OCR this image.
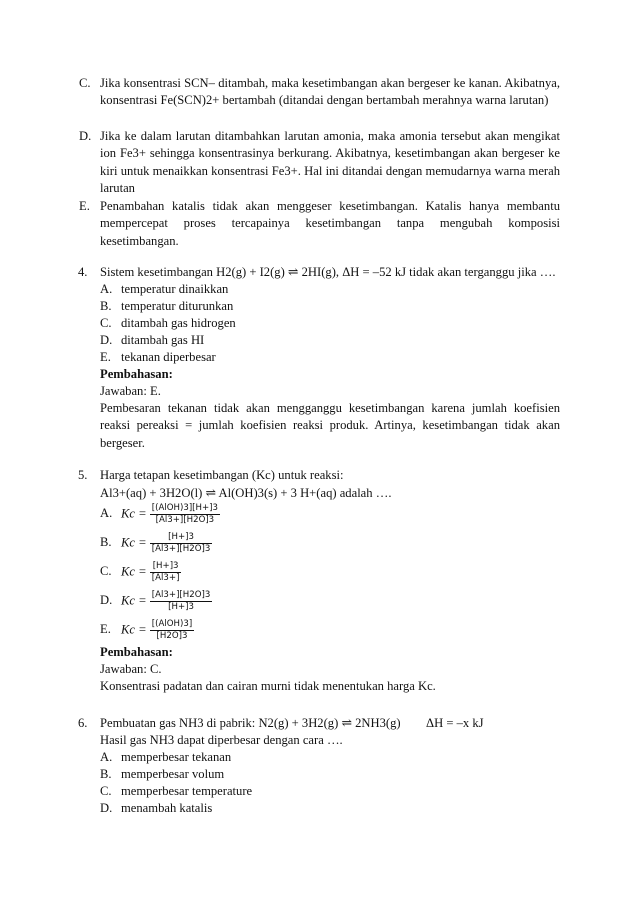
C. Jika konsentrasi SCN– ditambah, maka kesetimbangan akan bergeser ke kanan. Akibatnya, konsentrasi Fe(SCN)2+ bertambah (ditandai dengan bertambah merahnya warna larutan)
D. Jika ke dalam larutan ditambahkan larutan amonia, maka amonia tersebut akan mengikat ion Fe3+ sehingga konsentrasinya berkurang. Akibatnya, kesetimbangan akan bergeser ke kiri untuk menaikkan konsentrasi Fe3+. Hal ini ditandai dengan memudarnya warna merah larutan
E. Penambahan katalis tidak akan menggeser kesetimbangan. Katalis hanya membantu mempercepat proses tercapainya kesetimbangan tanpa mengubah komposisi kesetimbangan.
4. Sistem kesetimbangan H2(g) + I2(g) ⇌ 2HI(g), ΔH = –52 kJ tidak akan terganggu jika ….
A. temperatur dinaikkan
B. temperatur diturunkan
C. ditambah gas hidrogen
D. ditambah gas HI
E. tekanan diperbesar
Pembahasan:
Jawaban: E.
Pembesaran tekanan tidak akan mengganggu kesetimbangan karena jumlah koefisien reaksi pereaksi = jumlah koefisien reaksi produk. Artinya, kesetimbangan tidak akan bergeser.
5. Harga tetapan kesetimbangan (Kc) untuk reaksi:
Al3+(aq) + 3H2O(l) ⇌ Al(OH)3(s) + 3 H+(aq) adalah ….
A. $Kc = \frac{\text{[(AlOH)3][H+]3}}{[Al3+][H2O]3}$
B. $Kc = \frac{[H+]3}{[Al3+][H2O]3}$
C. $Kc = \frac{[H+]3}{[Al3+]}$
D. $Kc = \frac{[Al3+][H2O]3}{[H+]3}$
E. $Kc = \frac{\text{[(AlOH)3]}}{[H2O]3}$
Pembahasan:
Jawaban: C.
Konsentrasi padatan dan cairan murni tidak menentukan harga Kc.
6. Pembuatan gas NH3 di pabrik: N2(g) + 3H2(g) ⇌ 2NH3(g)	ΔH = –x kJ
Hasil gas NH3 dapat diperbesar dengan cara ….
A. memperbesar tekanan
B. memperbesar volum
C. memperbesar temperature
D. menambah katalis
